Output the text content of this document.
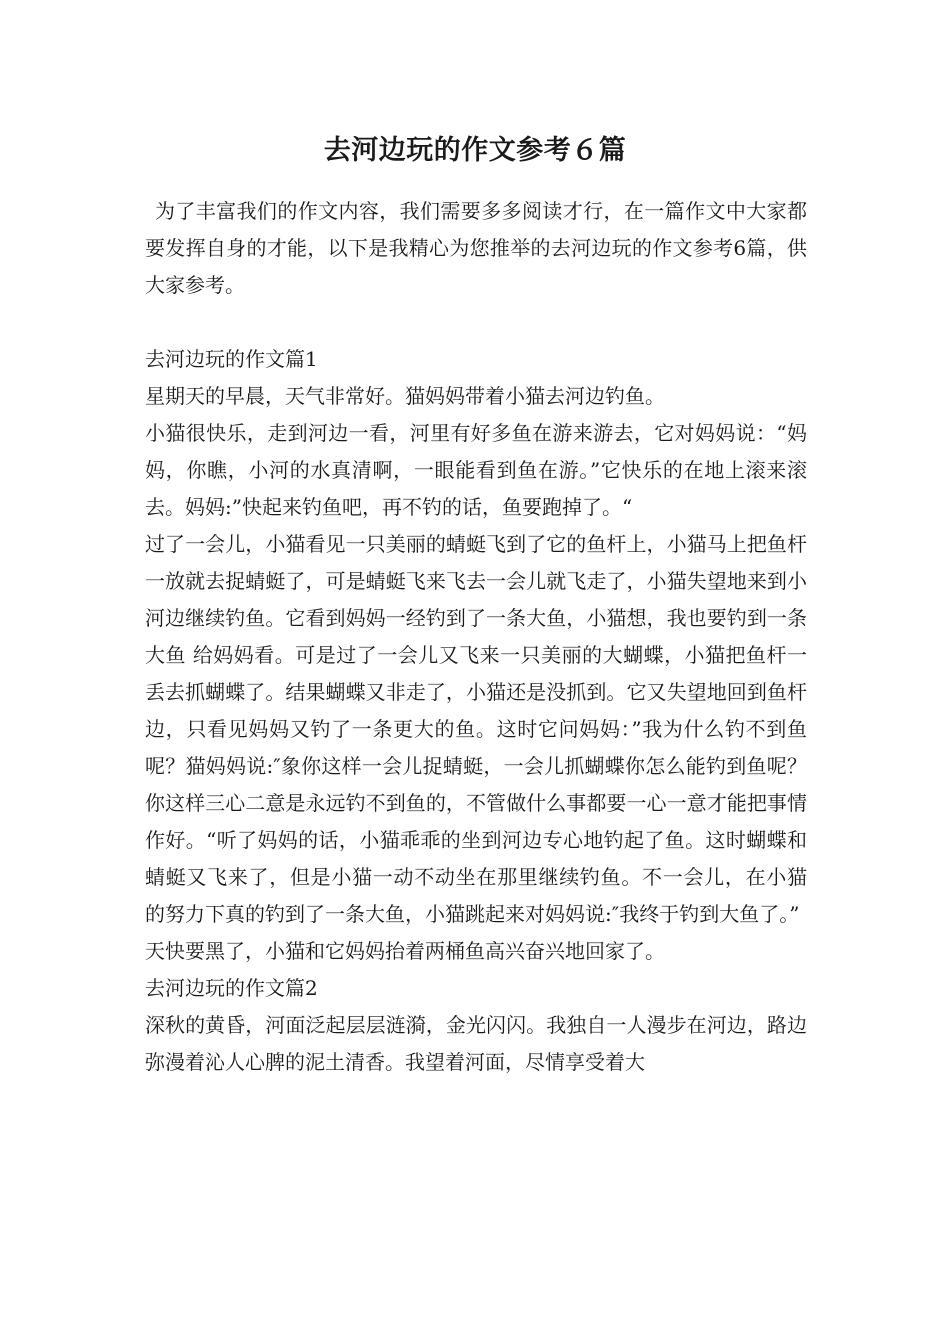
去河边玩的作文参考６篇

为了丰富我们的作文内容，我们需要多多阅读才行，在一篇作文中大家都要发挥自身的才能，以下是我精心为您推举的去河边玩的作文参考6篇，供大家参考。

去河边玩的作文篇1

星期天的早晨，天气非常好。猫妈妈带着小猫去河边钓鱼。

小猫很快乐，走到河边一看，河里有好多鱼在游来游去，它对妈妈说：“妈妈，你瞧，小河的水真清啊，一眼能看到鱼在游。”它快乐的在地上滚来滚去。妈妈:”快起来钓鱼吧，再不钓的话，鱼要跑掉了。“

过了一会儿，小猫看见一只美丽的蜻蜓飞到了它的鱼杆上，小猫马上把鱼杆一放就去捉蜻蜓了，可是蜻蜓飞来飞去一会儿就飞走了，小猫失望地来到小河边继续钓鱼。它看到妈妈一经钓到了一条大鱼，小猫想，我也要钓到一条大鱼 给妈妈看。可是过了一会儿又飞来一只美丽的大蝴蝶，小猫把鱼杆一丢去抓蝴蝶了。结果蝴蝶又非走了，小猫还是没抓到。它又失望地回到鱼杆边，只看见妈妈又钓了一条更大的鱼。这时它问妈妈：”我为什么钓不到鱼呢？猫妈妈说:″象你这样一会儿捉蜻蜓，一会儿抓蝴蝶你怎么能钓到鱼呢？你这样三心二意是永远钓不到鱼的，不管做什么事都要一心一意才能把事情作好。“听了妈妈的话，小猫乖乖的坐到河边专心地钓起了鱼。这时蝴蝶和蜻蜓又飞来了，但是小猫一动不动坐在那里继续钓鱼。不一会儿，在小猫 的努力下真的钓到了一条大鱼，小猫跳起来对妈妈说:″我终于钓到大鱼了。”

天快要黑了，小猫和它妈妈抬着两桶鱼高兴奋兴地回家了。

去河边玩的作文篇2

深秋的黄昏，河面泛起层层涟漪，金光闪闪。我独自一人漫步在河边，路边弥漫着沁人心脾的泥土清香。我望着河面，尽情享受着大
